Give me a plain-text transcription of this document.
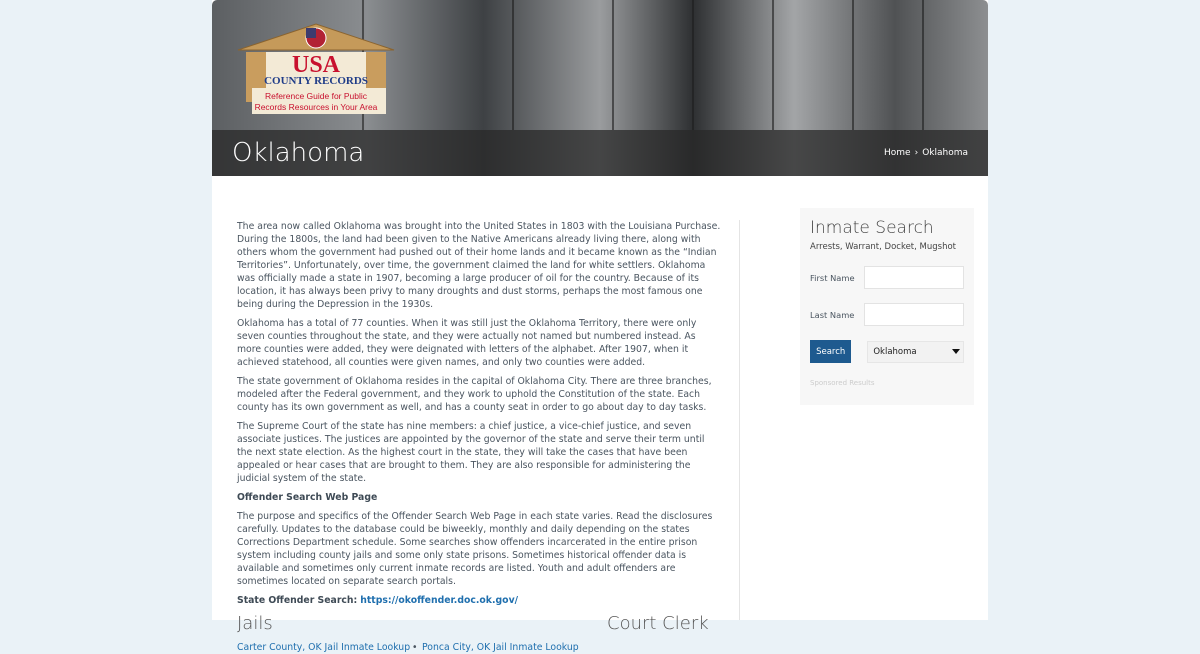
USA
COUNTY RECORDS
Reference Guide for Public
Records Resources in Your Area
Oklahoma	Home › Oklahoma

The area now called Oklahoma was brought into the United States in 1803 with the Louisiana Purchase. During the 1800s, the land had been given to the Native Americans already living there, along with others whom the government had pushed out of their home lands and it became known as the “Indian Territories”. Unfortunately, over time, the government claimed the land for white settlers. Oklahoma was officially made a state in 1907, becoming a large producer of oil for the country. Because of its location, it has always been privy to many droughts and dust storms, perhaps the most famous one being during the Depression in the 1930s.

Oklahoma has a total of 77 counties. When it was still just the Oklahoma Territory, there were only seven counties throughout the state, and they were actually not named but numbered instead. As more counties were added, they were deignated with letters of the alphabet. After 1907, when it achieved statehood, all counties were given names, and only two counties were added.

The state government of Oklahoma resides in the capital of Oklahoma City. There are three branches, modeled after the Federal government, and they work to uphold the Constitution of the state. Each county has its own government as well, and has a county seat in order to go about day to day tasks.

The Supreme Court of the state has nine members: a chief justice, a vice-chief justice, and seven associate justices. The justices are appointed by the governor of the state and serve their term until the next state election. As the highest court in the state, they will take the cases that have been appealed or hear cases that are brought to them. They are also responsible for administering the judicial system of the state.

Offender Search Web Page

The purpose and specifics of the Offender Search Web Page in each state varies. Read the disclosures carefully. Updates to the database could be biweekly, monthly and daily depending on the states Corrections Department schedule. Some searches show offenders incarcerated in the entire prison system including county jails and some only state prisons. Sometimes historical offender data is available and sometimes only current inmate records are listed. Youth and adult offenders are sometimes located on separate search portals.

State Offender Search: https://okoffender.doc.ok.gov/

Jails	Court Clerk
Carter County, OK Jail Inmate Lookup • Ponca City, OK Jail Inmate Lookup
Inmate Search
Arrests, Warrant, Docket, Mugshot
First Name
Last Name
Search	Oklahoma
Sponsored Results
